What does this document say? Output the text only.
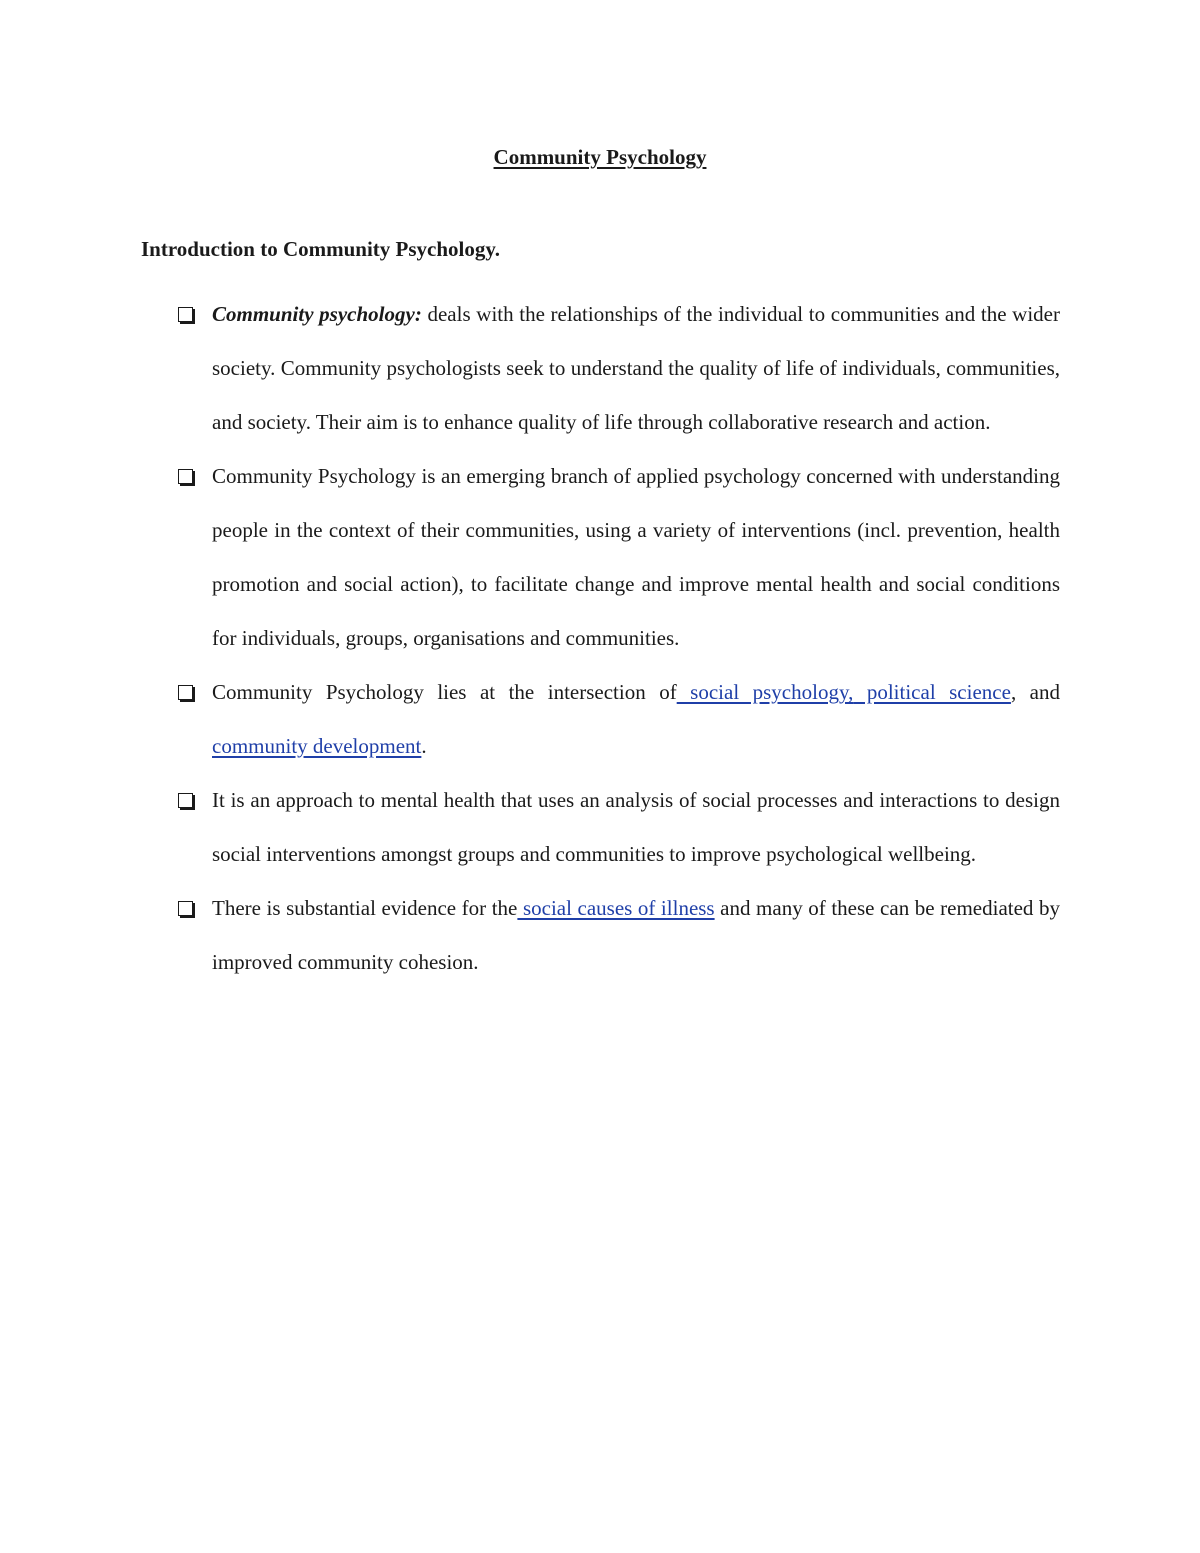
Community Psychology
Introduction to Community Psychology.
Community psychology: deals with the relationships of the individual to communities and the wider society. Community psychologists seek to understand the quality of life of individuals, communities, and society. Their aim is to enhance quality of life through collaborative research and action.
Community Psychology is an emerging branch of applied psychology concerned with understanding people in the context of their communities, using a variety of interventions (incl. prevention, health promotion and social action), to facilitate change and improve mental health and social conditions for individuals, groups, organisations and communities.
Community Psychology lies at the intersection of social psychology, political science, and community development.
It is an approach to mental health that uses an analysis of social processes and interactions to design social interventions amongst groups and communities to improve psychological wellbeing.
There is substantial evidence for the social causes of illness and many of these can be remediated by improved community cohesion.
